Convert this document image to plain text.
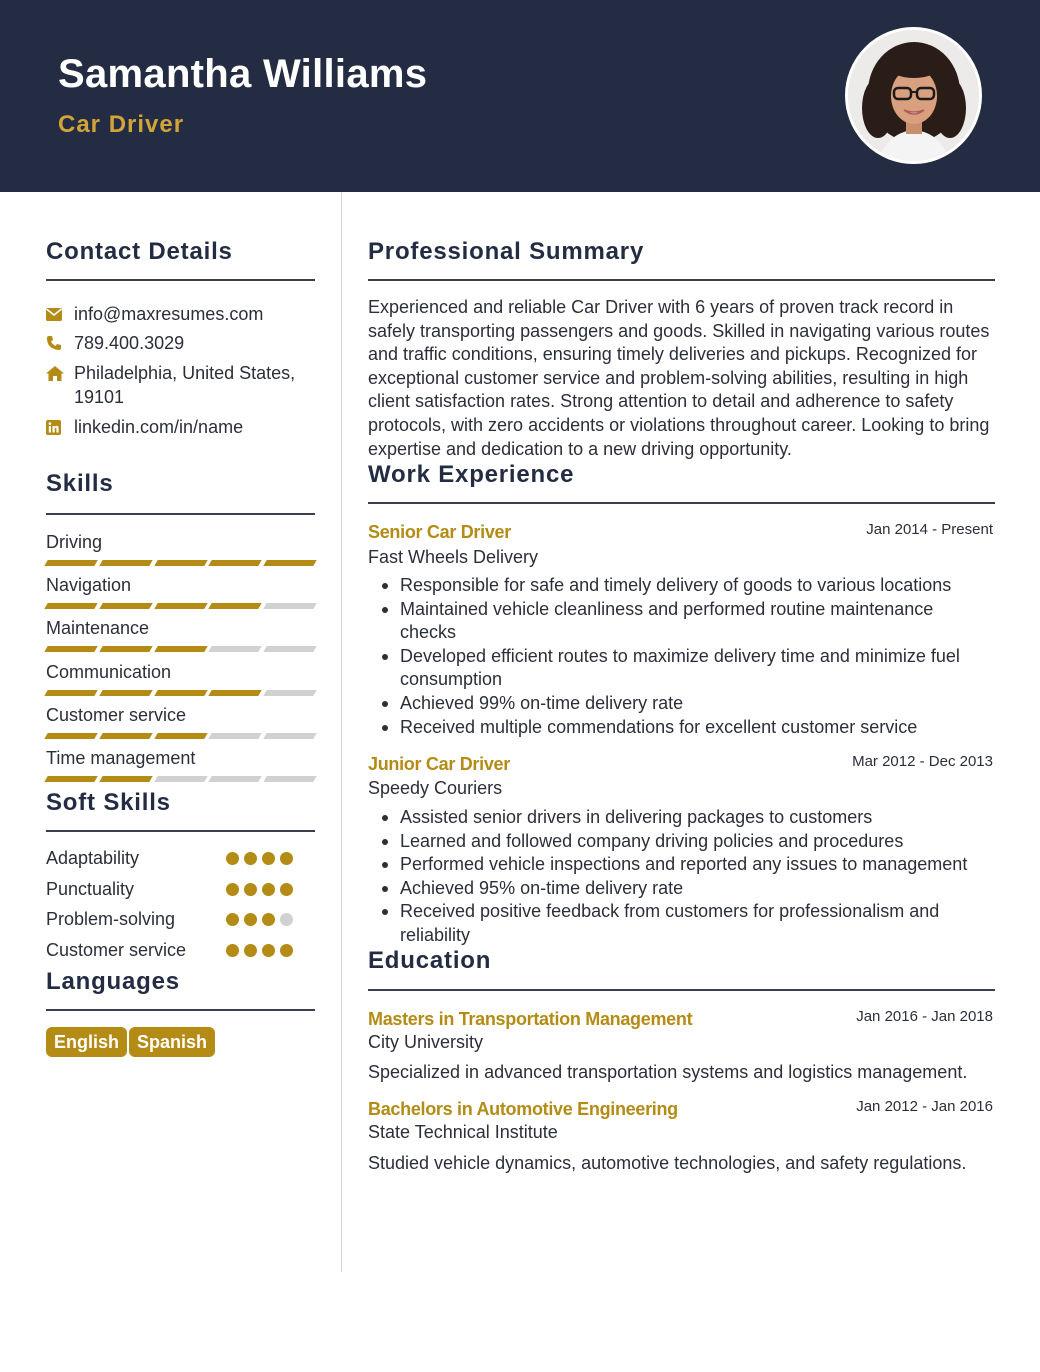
Samantha Williams
Car Driver
Contact Details
info@maxresumes.com
789.400.3029
Philadelphia, United States, 19101
linkedin.com/in/name
Skills
Driving
Navigation
Maintenance
Communication
Customer service
Time management
Soft Skills
Adaptability
Punctuality
Problem-solving
Customer service
Languages
English Spanish
Professional Summary
Experienced and reliable Car Driver with 6 years of proven track record in safely transporting passengers and goods. Skilled in navigating various routes and traffic conditions, ensuring timely deliveries and pickups. Recognized for exceptional customer service and problem-solving abilities, resulting in high client satisfaction rates. Strong attention to detail and adherence to safety protocols, with zero accidents or violations throughout career. Looking to bring expertise and dedication to a new driving opportunity.
Work Experience
Senior Car Driver	Jan 2014 - Present
Fast Wheels Delivery
Responsible for safe and timely delivery of goods to various locations
Maintained vehicle cleanliness and performed routine maintenance checks
Developed efficient routes to maximize delivery time and minimize fuel consumption
Achieved 99% on-time delivery rate
Received multiple commendations for excellent customer service
Junior Car Driver	Mar 2012 - Dec 2013
Speedy Couriers
Assisted senior drivers in delivering packages to customers
Learned and followed company driving policies and procedures
Performed vehicle inspections and reported any issues to management
Achieved 95% on-time delivery rate
Received positive feedback from customers for professionalism and reliability
Education
Masters in Transportation Management	Jan 2016 - Jan 2018
City University
Specialized in advanced transportation systems and logistics management.
Bachelors in Automotive Engineering	Jan 2012 - Jan 2016
State Technical Institute
Studied vehicle dynamics, automotive technologies, and safety regulations.
